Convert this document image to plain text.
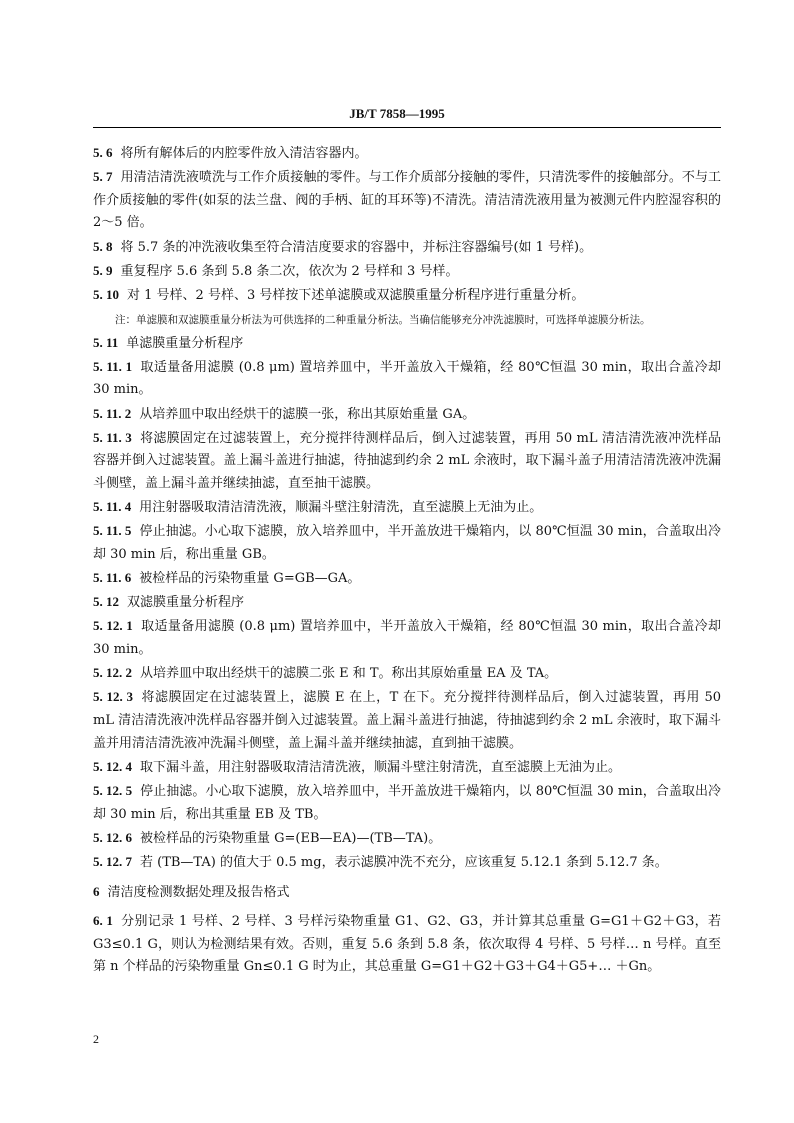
JB/T 7858—1995

5. 6 将所有解体后的内腔零件放入清洁容器内。

5. 7 用清洁清洗液喷洗与工作介质接触的零件。与工作介质部分接触的零件，只清洗零件的接触部分。不与工作介质接触的零件(如泵的法兰盘、阀的手柄、缸的耳环等)不清洗。清洁清洗液用量为被测元件内腔湿容积的 2～5 倍。

5. 8 将 5.7 条的冲洗液收集至符合清洁度要求的容器中，并标注容器编号(如 1 号样)。

5. 9 重复程序 5.6 条到 5.8 条二次，依次为 2 号样和 3 号样。

5. 10 对 1 号样、2 号样、3 号样按下述单滤膜或双滤膜重量分析程序进行重量分析。

注：单滤膜和双滤膜重量分析法为可供选择的二种重量分析法。当确信能够充分冲洗滤膜时，可选择单滤膜分析法。

5. 11 单滤膜重量分析程序

5. 11. 1 取适量备用滤膜 (0.8 μm) 置培养皿中，半开盖放入干燥箱，经 80℃恒温 30 min，取出合盖冷却 30 min。

5. 11. 2 从培养皿中取出经烘干的滤膜一张，称出其原始重量 GA。

5. 11. 3 将滤膜固定在过滤装置上，充分搅拌待测样品后，倒入过滤装置，再用 50 mL 清洁清洗液冲洗样品容器并倒入过滤装置。盖上漏斗盖进行抽滤，待抽滤到约余 2 mL 余液时，取下漏斗盖子用清洁清洗液冲洗漏斗侧壁，盖上漏斗盖并继续抽滤，直至抽干滤膜。

5. 11. 4 用注射器吸取清洁清洗液，顺漏斗壁注射清洗，直至滤膜上无油为止。

5. 11. 5 停止抽滤。小心取下滤膜，放入培养皿中，半开盖放进干燥箱内，以 80℃恒温 30 min，合盖取出冷却 30 min 后，称出重量 GB。

5. 11. 6 被检样品的污染物重量 G=GB—GA。

5. 12 双滤膜重量分析程序

5. 12. 1 取适量备用滤膜 (0.8 μm) 置培养皿中，半开盖放入干燥箱，经 80℃恒温 30 min，取出合盖冷却 30 min。

5. 12. 2 从培养皿中取出经烘干的滤膜二张 E 和 T。称出其原始重量 EA 及 TA。

5. 12. 3 将滤膜固定在过滤装置上，滤膜 E 在上，T 在下。充分搅拌待测样品后，倒入过滤装置，再用 50 mL 清洁清洗液冲洗样品容器并倒入过滤装置。盖上漏斗盖进行抽滤，待抽滤到约余 2 mL 余液时，取下漏斗盖并用清洁清洗液冲洗漏斗侧壁，盖上漏斗盖并继续抽滤，直到抽干滤膜。

5. 12. 4 取下漏斗盖，用注射器吸取清洁清洗液，顺漏斗壁注射清洗，直至滤膜上无油为止。

5. 12. 5 停止抽滤。小心取下滤膜，放入培养皿中，半开盖放进干燥箱内，以 80℃恒温 30 min，合盖取出冷却 30 min 后，称出其重量 EB 及 TB。

5. 12. 6 被检样品的污染物重量 G=(EB—EA)—(TB—TA)。

5. 12. 7 若 (TB—TA) 的值大于 0.5 mg，表示滤膜冲洗不充分，应该重复 5.12.1 条到 5.12.7 条。

6 清洁度检测数据处理及报告格式

6. 1 分别记录 1 号样、2 号样、3 号样污染物重量 G1、G2、G3，并计算其总重量 G=G1＋G2＋G3，若 G3≤0.1 G，则认为检测结果有效。否则，重复 5.6 条到 5.8 条，依次取得 4 号样、5 号样… n 号样。直至第 n 个样品的污染物重量 Gn≤0.1 G 时为止，其总重量 G=G1＋G2＋G3＋G4＋G5+… ＋Gn。

2
